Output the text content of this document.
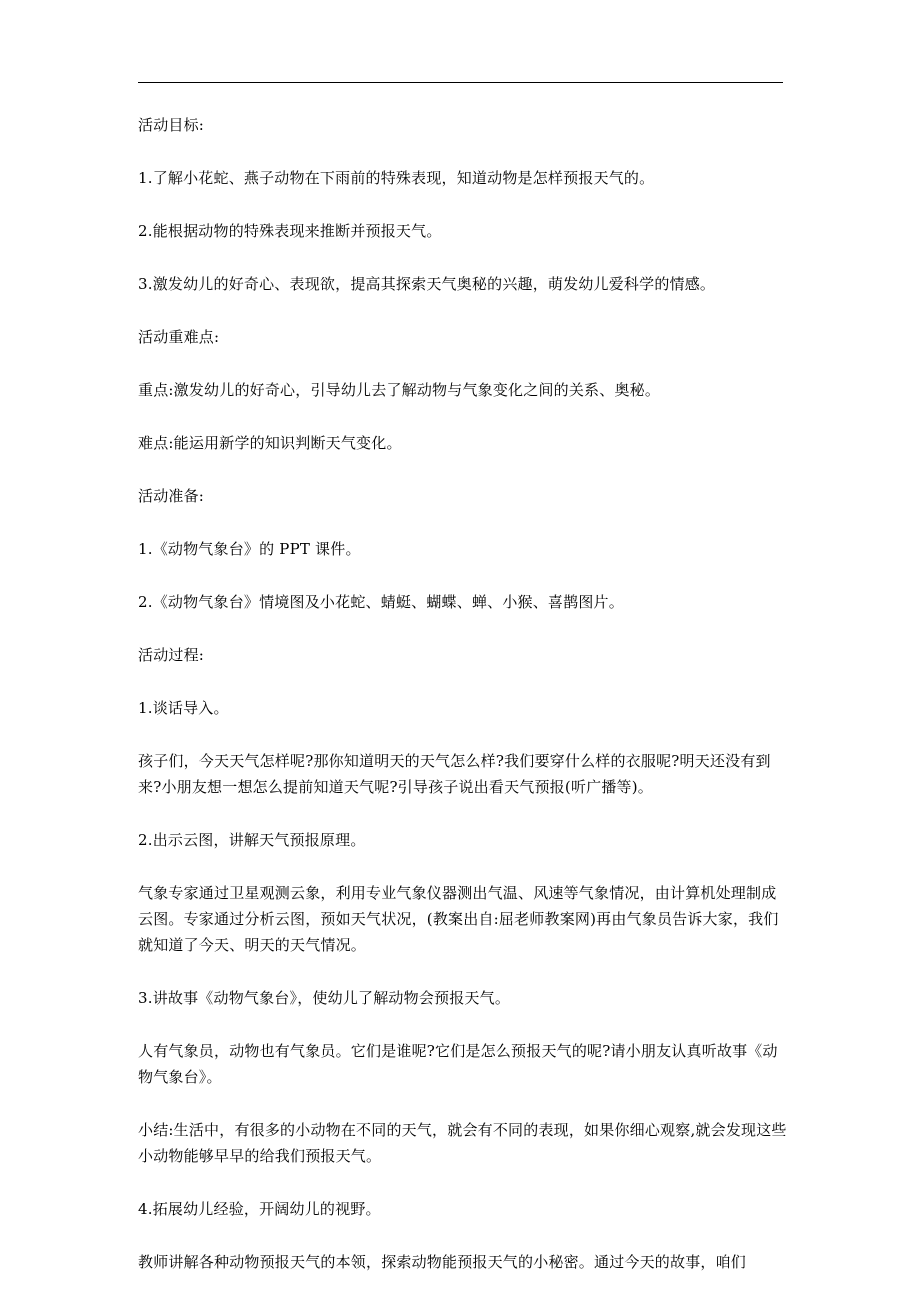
活动目标:

1.了解小花蛇、燕子动物在下雨前的特殊表现，知道动物是怎样预报天气的。

2.能根据动物的特殊表现来推断并预报天气。

3.激发幼儿的好奇心、表现欲，提高其探索天气奥秘的兴趣，萌发幼儿爱科学的情感。

活动重难点:

重点:激发幼儿的好奇心，引导幼儿去了解动物与气象变化之间的关系、奥秘。

难点:能运用新学的知识判断天气变化。

活动准备:

1.《动物气象台》的 PPT 课件。

2.《动物气象台》情境图及小花蛇、蜻蜓、蝴蝶、蝉、小猴、喜鹊图片。

活动过程:

1.谈话导入。

孩子们，今天天气怎样呢?那你知道明天的天气怎么样?我们要穿什么样的衣服呢?明天还没有到来?小朋友想一想怎么提前知道天气呢?引导孩子说出看天气预报(听广播等)。

2.出示云图，讲解天气预报原理。

气象专家通过卫星观测云象，利用专业气象仪器测出气温、风速等气象情况，由计算机处理制成云图。专家通过分析云图，预如天气状况，(教案出自:屈老师教案网)再由气象员告诉大家，我们就知道了今天、明天的天气情况。

3.讲故事《动物气象台》，使幼儿了解动物会预报天气。

人有气象员，动物也有气象员。它们是谁呢?它们是怎么预报天气的呢?请小朋友认真听故事《动物气象台》。

小结:生活中，有很多的小动物在不同的天气，就会有不同的表现，如果你细心观察,就会发现这些小动物能够早早的给我们预报天气。

4.拓展幼儿经验，开阔幼儿的视野。

教师讲解各种动物预报天气的本领，探索动物能预报天气的小秘密。通过今天的故事，咱们
